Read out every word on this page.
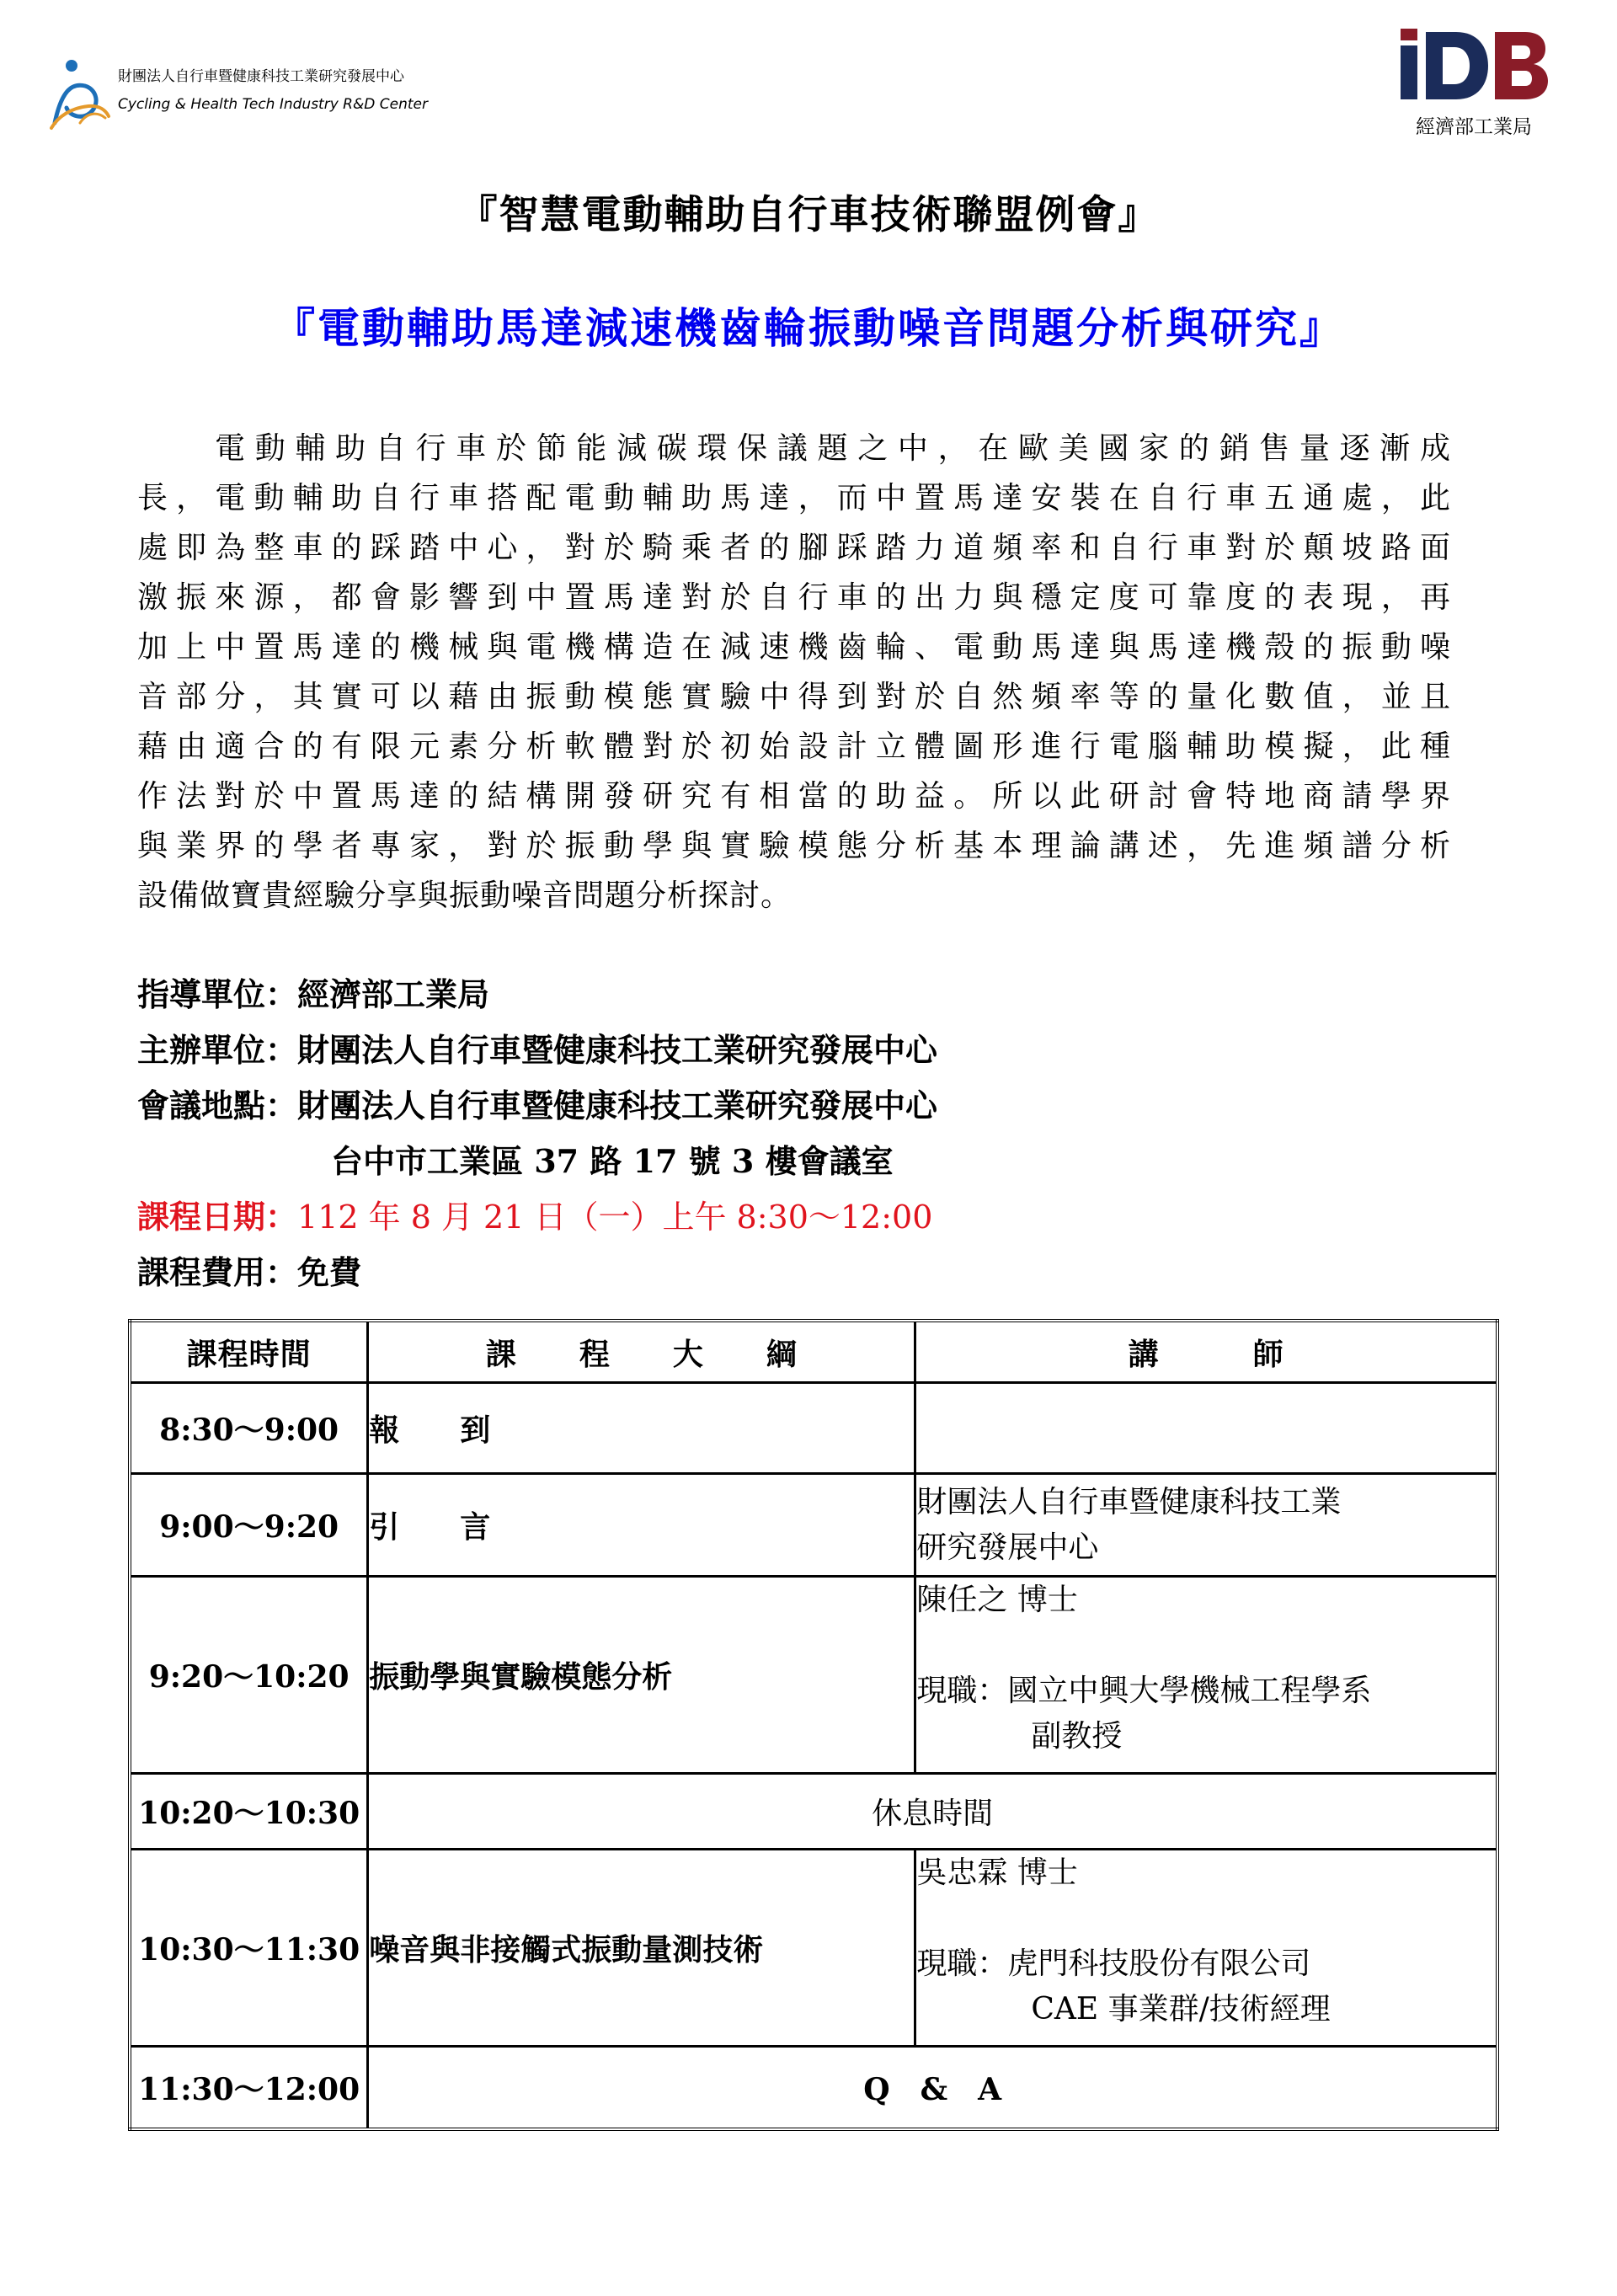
財團法人自行車暨健康科技工業研究發展中心
Cycling & Health Tech Industry R&D Center
經濟部工業局
『智慧電動輔助自行車技術聯盟例會』
『電動輔助馬達減速機齒輪振動噪音問題分析與研究』
電動輔助自行車於節能減碳環保議題之中，在歐美國家的銷售量逐漸成
長，電動輔助自行車搭配電動輔助馬達，而中置馬達安裝在自行車五通處，此
處即為整車的踩踏中心，對於騎乘者的腳踩踏力道頻率和自行車對於顛坡路面
激振來源，都會影響到中置馬達對於自行車的出力與穩定度可靠度的表現，再
加上中置馬達的機械與電機構造在減速機齒輪、電動馬達與馬達機殼的振動噪
音部分，其實可以藉由振動模態實驗中得到對於自然頻率等的量化數值，並且
藉由適合的有限元素分析軟體對於初始設計立體圖形進行電腦輔助模擬，此種
作法對於中置馬達的結構開發研究有相當的助益。所以此研討會特地商請學界
與業界的學者專家，對於振動學與實驗模態分析基本理論講述，先進頻譜分析
設備做寶貴經驗分享與振動噪音問題分析探討。
指導單位：經濟部工業局
主辦單位：財團法人自行車暨健康科技工業研究發展中心
會議地點：財團法人自行車暨健康科技工業研究發展中心
台中市工業區 37 路 17 號 3 樓會議室
課程日期：112 年 8 月 21 日（一）上午 8:30～12:00
課程費用：免費
課程時間	課　　程　　大　　綱	講　　　師
8:30～9:00	報　　到	
9:00～9:20	引　　言	財團法人自行車暨健康科技工業
研究發展中心

9:20～10:20	振動學與實驗模態分析	陳任之 博士
現職：國立中興大學機械工程學系
副教授

10:20～10:30	休息時間	
10:30～11:30	噪音與非接觸式振動量測技術	吳忠霖 博士
現職：虎門科技股份有限公司
CAE 事業群/技術經理

11:30～12:00	Q　&　A	
